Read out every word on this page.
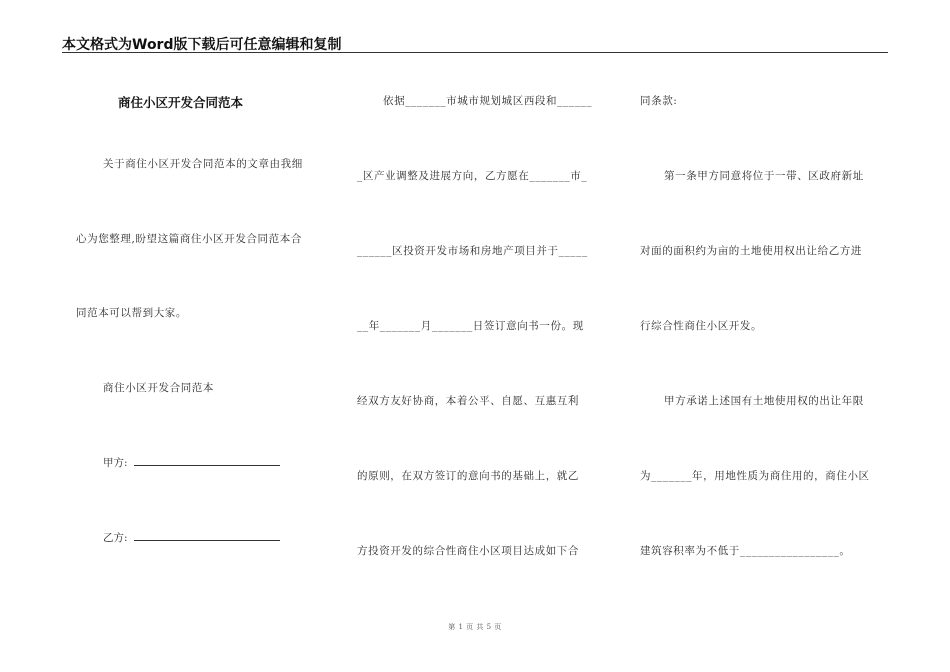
本文格式为Word版下载后可任意编辑和复制
商住小区开发合同范本
关于商住小区开发合同范本的文章由我细
心为您整理,盼望这篇商住小区开发合同范本合
同范本可以帮到大家。
商住小区开发合同范本
甲方:
乙方:
依据_______市城市规划城区西段和______
_区产业调整及进展方向，乙方愿在_______市_
______区投资开发市场和房地产项目并于_____
__年_______月_______日签订意向书一份。现
经双方友好协商，本着公平、自愿、互惠互利
的原则，在双方签订的意向书的基础上，就乙
方投资开发的综合性商住小区项目达成如下合
同条款:
第一条甲方同意将位于一带、区政府新址
对面的面积约为亩的土地使用权出让给乙方进
行综合性商住小区开发。
甲方承诺上述国有土地使用权的出让年限
为_______年，用地性质为商住用的，商住小区
建筑容积率为不低于_________________。
第 1 页 共 5 页
